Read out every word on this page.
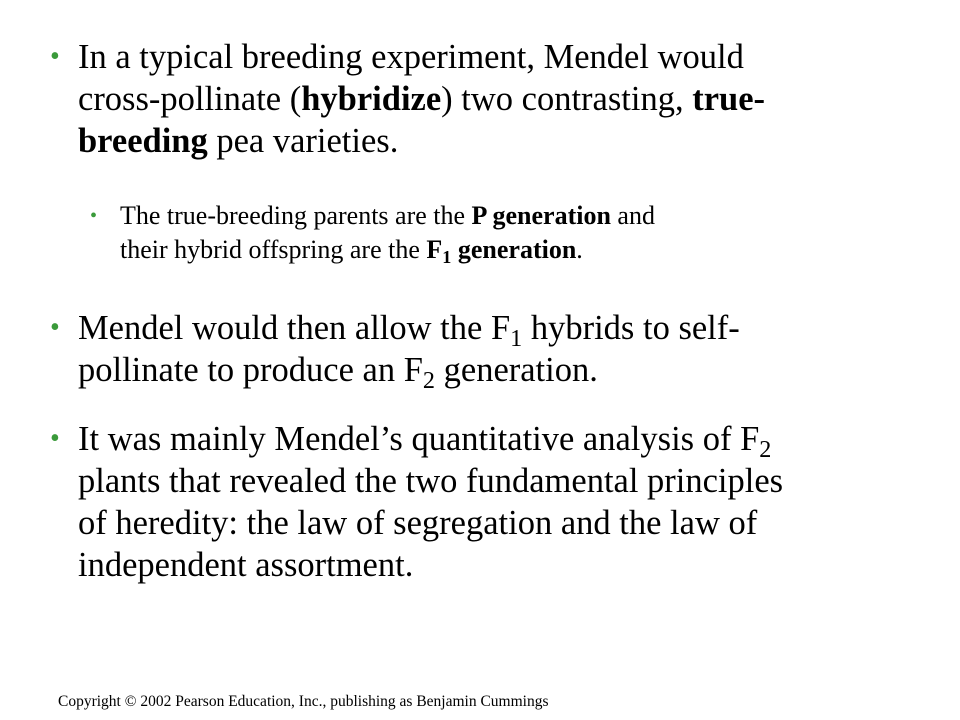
• In a typical breeding experiment, Mendel would
cross-pollinate (hybridize) two contrasting, true-
breeding pea varieties.
• The true-breeding parents are the P generation and
their hybrid offspring are the F1 generation.
• Mendel would then allow the F1 hybrids to self-
pollinate to produce an F2 generation.
• It was mainly Mendel’s quantitative analysis of F2
plants that revealed the two fundamental principles
of heredity: the law of segregation and the law of
independent assortment.
Copyright © 2002 Pearson Education, Inc., publishing as Benjamin Cummings
